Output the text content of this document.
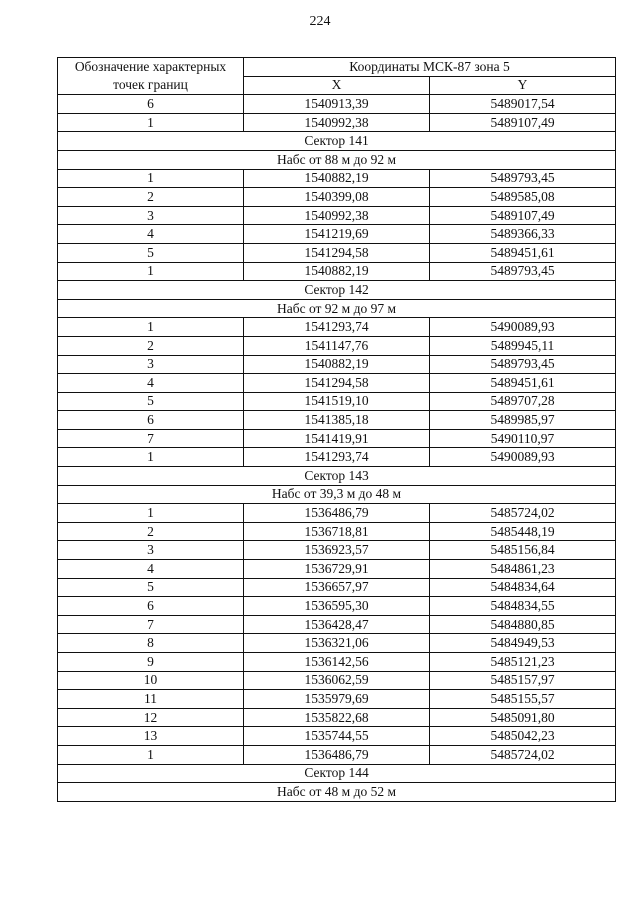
224
Обозначение характерных точек границ	Координаты МСК-87 зона 5	
	X	Y
6	1540913,39	5489017,54
1	1540992,38	5489107,49
Сектор 141		
Набс от 88 м до 92 м		
1	1540882,19	5489793,45
2	1540399,08	5489585,08
3	1540992,38	5489107,49
4	1541219,69	5489366,33
5	1541294,58	5489451,61
1	1540882,19	5489793,45
Сектор 142		
Набс от 92 м до 97 м		
1	1541293,74	5490089,93
2	1541147,76	5489945,11
3	1540882,19	5489793,45
4	1541294,58	5489451,61
5	1541519,10	5489707,28
6	1541385,18	5489985,97
7	1541419,91	5490110,97
1	1541293,74	5490089,93
Сектор 143		
Набс от 39,3 м до 48 м		
1	1536486,79	5485724,02
2	1536718,81	5485448,19
3	1536923,57	5485156,84
4	1536729,91	5484861,23
5	1536657,97	5484834,64
6	1536595,30	5484834,55
7	1536428,47	5484880,85
8	1536321,06	5484949,53
9	1536142,56	5485121,23
10	1536062,59	5485157,97
11	1535979,69	5485155,57
12	1535822,68	5485091,80
13	1535744,55	5485042,23
1	1536486,79	5485724,02
Сектор 144		
Набс от 48 м до 52 м		
